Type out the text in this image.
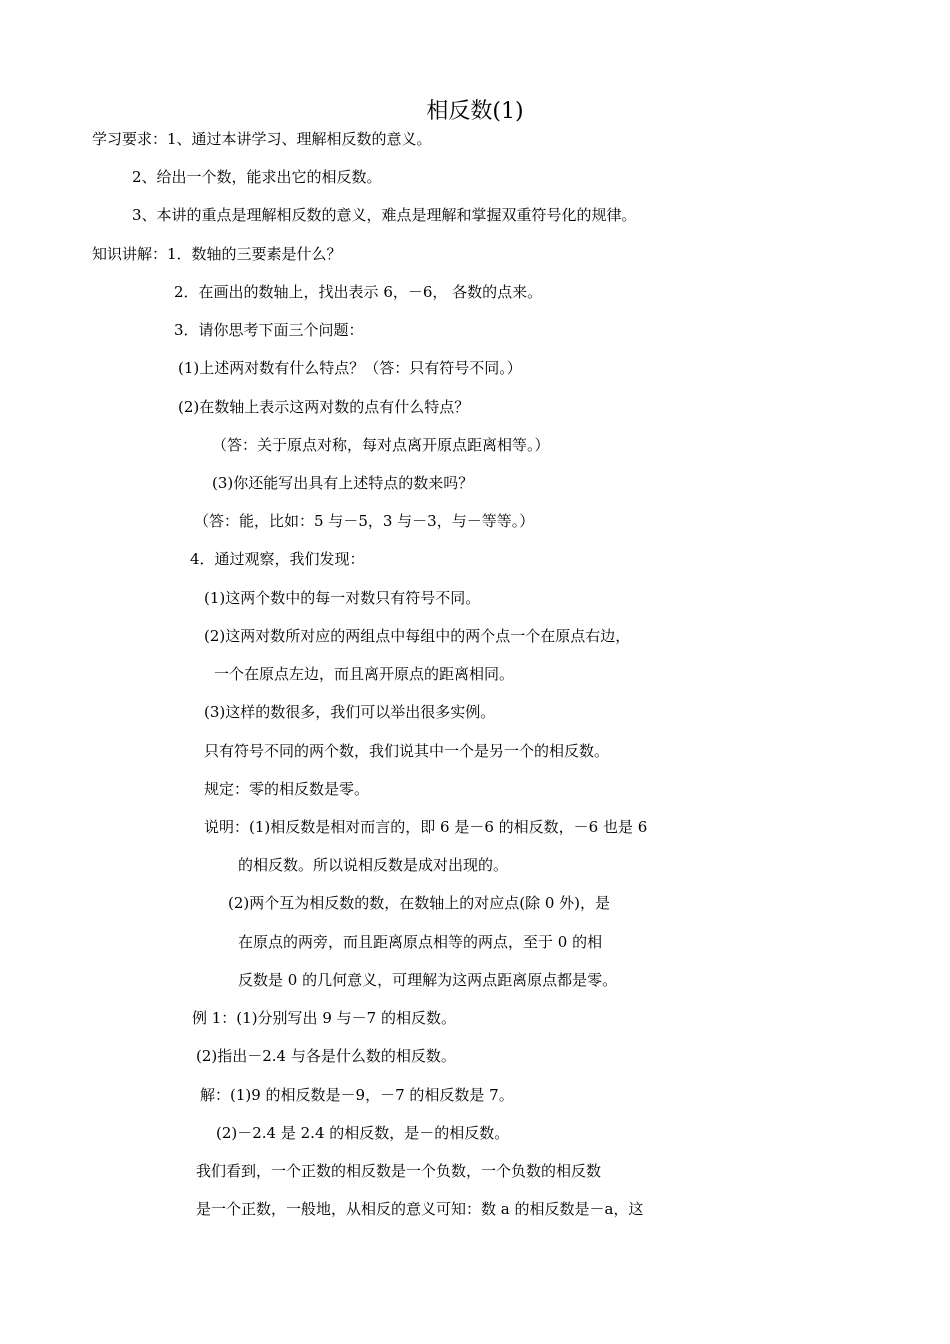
相反数(1)
学习要求：1、通过本讲学习、理解相反数的意义。
2、给出一个数，能求出它的相反数。
3、本讲的重点是理解相反数的意义，难点是理解和掌握双重符号化的规律。
知识讲解：1．数轴的三要素是什么？
2．在画出的数轴上，找出表示 6，－6， 各数的点来。
3．请你思考下面三个问题：
(1)上述两对数有什么特点？（答：只有符号不同。）
(2)在数轴上表示这两对数的点有什么特点？
（答：关于原点对称，每对点离开原点距离相等。）
(3)你还能写出具有上述特点的数来吗？
（答：能，比如：5 与－5，3 与－3，与－等等。）
4．通过观察，我们发现：
(1)这两个数中的每一对数只有符号不同。
(2)这两对数所对应的两组点中每组中的两个点一个在原点右边，
一个在原点左边，而且离开原点的距离相同。
(3)这样的数很多，我们可以举出很多实例。
只有符号不同的两个数，我们说其中一个是另一个的相反数。
规定：零的相反数是零。
说明：(1)相反数是相对而言的，即 6 是－6 的相反数，－6 也是 6
的相反数。所以说相反数是成对出现的。
(2)两个互为相反数的数，在数轴上的对应点(除 0 外)，是
在原点的两旁，而且距离原点相等的两点，至于 0 的相
反数是 0 的几何意义，可理解为这两点距离原点都是零。
例 1：(1)分别写出 9 与－7 的相反数。
(2)指出－2.4 与各是什么数的相反数。
解：(1)9 的相反数是－9，－7 的相反数是 7。
(2)－2.4 是 2.4 的相反数，是－的相反数。
我们看到，一个正数的相反数是一个负数，一个负数的相反数
是一个正数，一般地，从相反的意义可知：数 a 的相反数是－a，这
